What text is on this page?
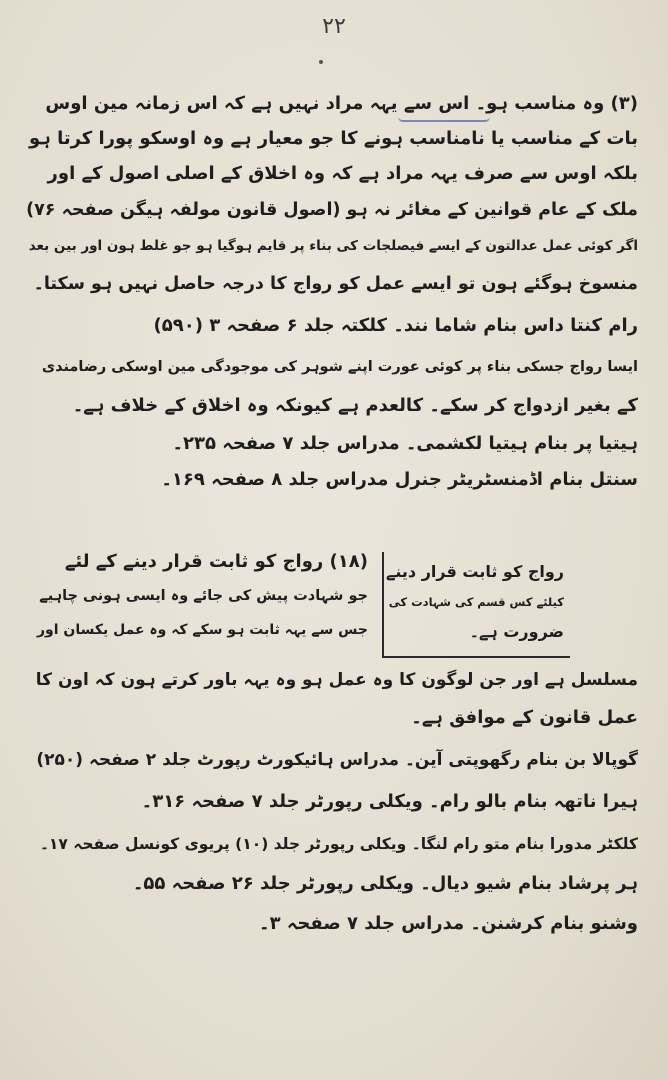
۲۲
(۳) وہ مناسب ہو۔ اس سے یہہ مراد نہیں ہے کہ اس زمانہ مین اوس
بات کے مناسب یا نامناسب ہونے کا جو معیار ہے وہ اوسکو پورا کرتا ہو
بلکہ اوس سے صرف یہہ مراد ہے کہ وہ اخلاق کے اصلی اصول کے اور
ملک کے عام قوانین کے مغائر نہ ہو (اصول قانون مولفہ ہیگن صفحہ ۷۶)
اگر کوئی عمل عدالتون کے ایسے فیصلجات کی بناء پر قایم ہوگیا ہو جو غلط ہون اور بین بعد
منسوخ ہوگئے ہون تو ایسے عمل کو رواج کا درجہ حاصل نہیں ہو سکتا۔
رام کنتا داس بنام شاما نند۔ کلکتہ جلد ۶ صفحہ ۳ (۵۹۰)
ایسا رواج جسکی بناء پر کوئی عورت اپنے شوہر کی موجودگی مین اوسکی رضامندی
کے بغیر ازدواج کر سکے۔ کالعدم ہے کیونکہ وہ اخلاق کے خلاف ہے۔
ہیتیا پر بنام ہیتیا لکشمی۔ مدراس جلد ۷ صفحہ ۲۳۵۔
سنتل بنام اڈمنسٹریٹر جنرل مدراس جلد ۸ صفحہ ۱۶۹۔
رواج کو ثابت قرار دینے
کیلئے کس قسم کی شہادت کی
ضرورت ہے۔
(۱۸) رواج کو ثابت قرار دینے کے لئے
جو شہادت پیش کی جائے وہ ایسی ہونی چاہیے
جس سے یہہ ثابت ہو سکے کہ وہ عمل یکسان اور
مسلسل ہے اور جن لوگون کا وہ عمل ہو وہ یہہ باور کرتے ہون کہ اون کا
عمل قانون کے موافق ہے۔
گوپالا بن بنام رگھوپتی آین۔ مدراس ہائیکورٹ رپورٹ جلد ۲ صفحہ (۲۵۰)
ہیرا ناتھہ بنام بالو رام۔ ویکلی رپورٹر جلد ۷ صفحہ ۳۱۶۔
کلکٹر مدورا بنام متو رام لنگا۔ ویکلی رپورٹر جلد (۱۰) پریوی کونسل صفحہ ۱۷۔
ہر پرشاد بنام شیو دیال۔ ویکلی رپورٹر جلد ۲۶ صفحہ ۵۵۔
وشنو بنام کرشنن۔ مدراس جلد ۷ صفحہ ۳۔
